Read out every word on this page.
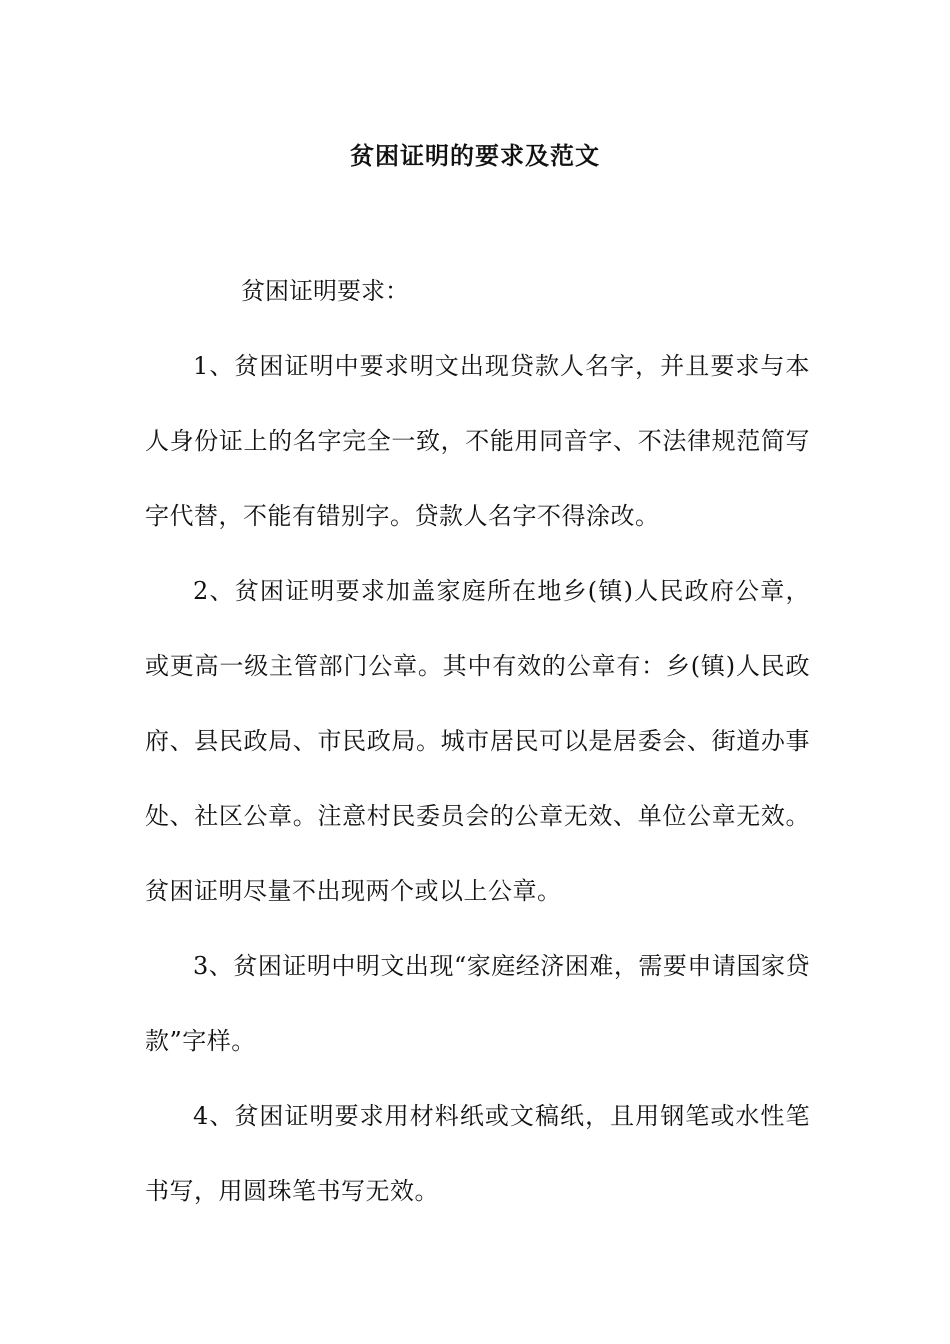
贫困证明的要求及范文

贫困证明要求：

1、贫困证明中要求明文出现贷款人名字，并且要求与本人身份证上的名字完全一致，不能用同音字、不法律规范简写字代替，不能有错别字。贷款人名字不得涂改。

2、贫困证明要求加盖家庭所在地乡(镇)人民政府公章，或更高一级主管部门公章。其中有效的公章有：乡(镇)人民政府、县民政局、市民政局。城市居民可以是居委会、街道办事处、社区公章。注意村民委员会的公章无效、单位公章无效。贫困证明尽量不出现两个或以上公章。

3、贫困证明中明文出现“家庭经济困难，需要申请国家贷款”字样。

4、贫困证明要求用材料纸或文稿纸，且用钢笔或水性笔书写，用圆珠笔书写无效。
